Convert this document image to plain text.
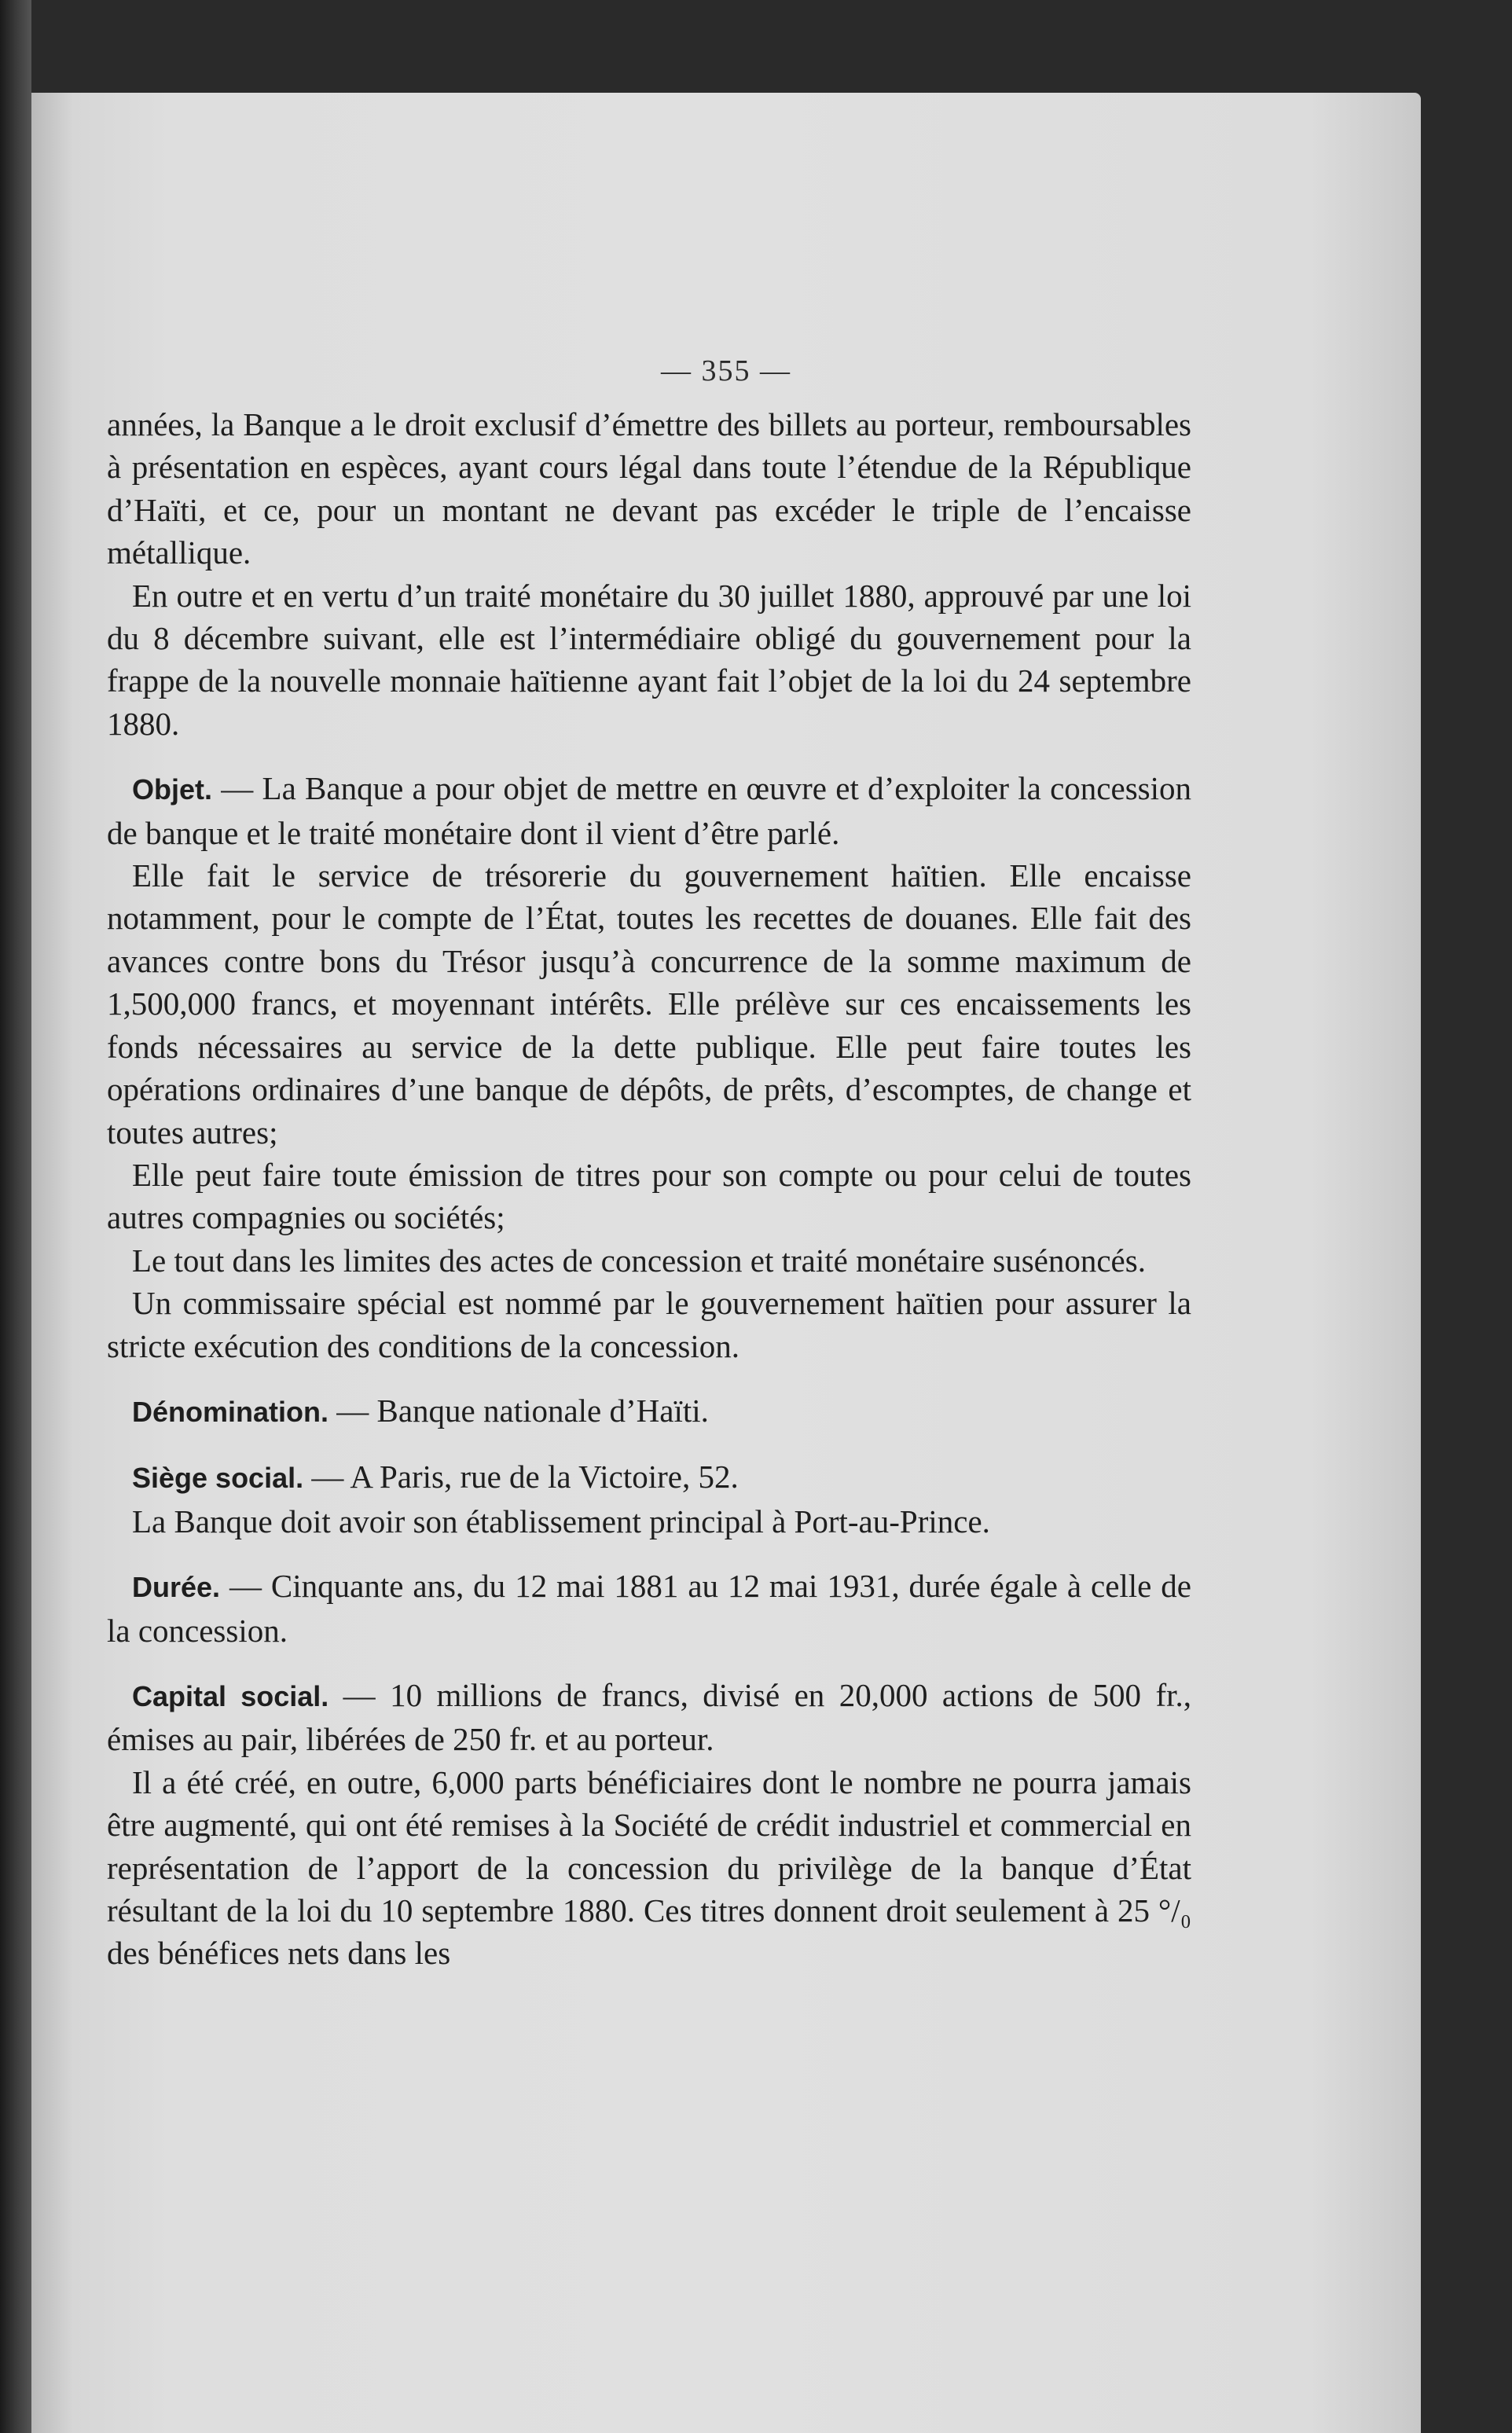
— 355 —

années, la Banque a le droit exclusif d’émettre des billets au porteur, remboursables à présentation en espèces, ayant cours légal dans toute l’étendue de la République d’Haïti, et ce, pour un montant ne devant pas excéder le triple de l’encaisse métallique.

En outre et en vertu d’un traité monétaire du 30 juillet 1880, approuvé par une loi du 8 décembre suivant, elle est l’intermédiaire obligé du gouvernement pour la frappe de la nouvelle monnaie haïtienne ayant fait l’objet de la loi du 24 septembre 1880.

Objet. — La Banque a pour objet de mettre en œuvre et d’exploiter la concession de banque et le traité monétaire dont il vient d’être parlé.

Elle fait le service de trésorerie du gouvernement haïtien. Elle encaisse notamment, pour le compte de l’État, toutes les recettes de douanes. Elle fait des avances contre bons du Trésor jusqu’à concurrence de la somme maximum de 1,500,000 francs, et moyennant intérêts. Elle prélève sur ces encaissements les fonds nécessaires au service de la dette publique. Elle peut faire toutes les opérations ordinaires d’une banque de dépôts, de prêts, d’escomptes, de change et toutes autres;

Elle peut faire toute émission de titres pour son compte ou pour celui de toutes autres compagnies ou sociétés;

Le tout dans les limites des actes de concession et traité monétaire susénoncés.

Un commissaire spécial est nommé par le gouvernement haïtien pour assurer la stricte exécution des conditions de la concession.

Dénomination. — Banque nationale d’Haïti.

Siège social. — A Paris, rue de la Victoire, 52.

La Banque doit avoir son établissement principal à Port-au-Prince.

Durée. — Cinquante ans, du 12 mai 1881 au 12 mai 1931, durée égale à celle de la concession.

Capital social. — 10 millions de francs, divisé en 20,000 actions de 500 fr., émises au pair, libérées de 250 fr. et au porteur.

Il a été créé, en outre, 6,000 parts bénéficiaires dont le nombre ne pourra jamais être augmenté, qui ont été remises à la Société de crédit industriel et commercial en représentation de l’apport de la concession du privilège de la banque d’État résultant de la loi du 10 septembre 1880. Ces titres donnent droit seulement à 25 °/₀ des bénéfices nets dans les
